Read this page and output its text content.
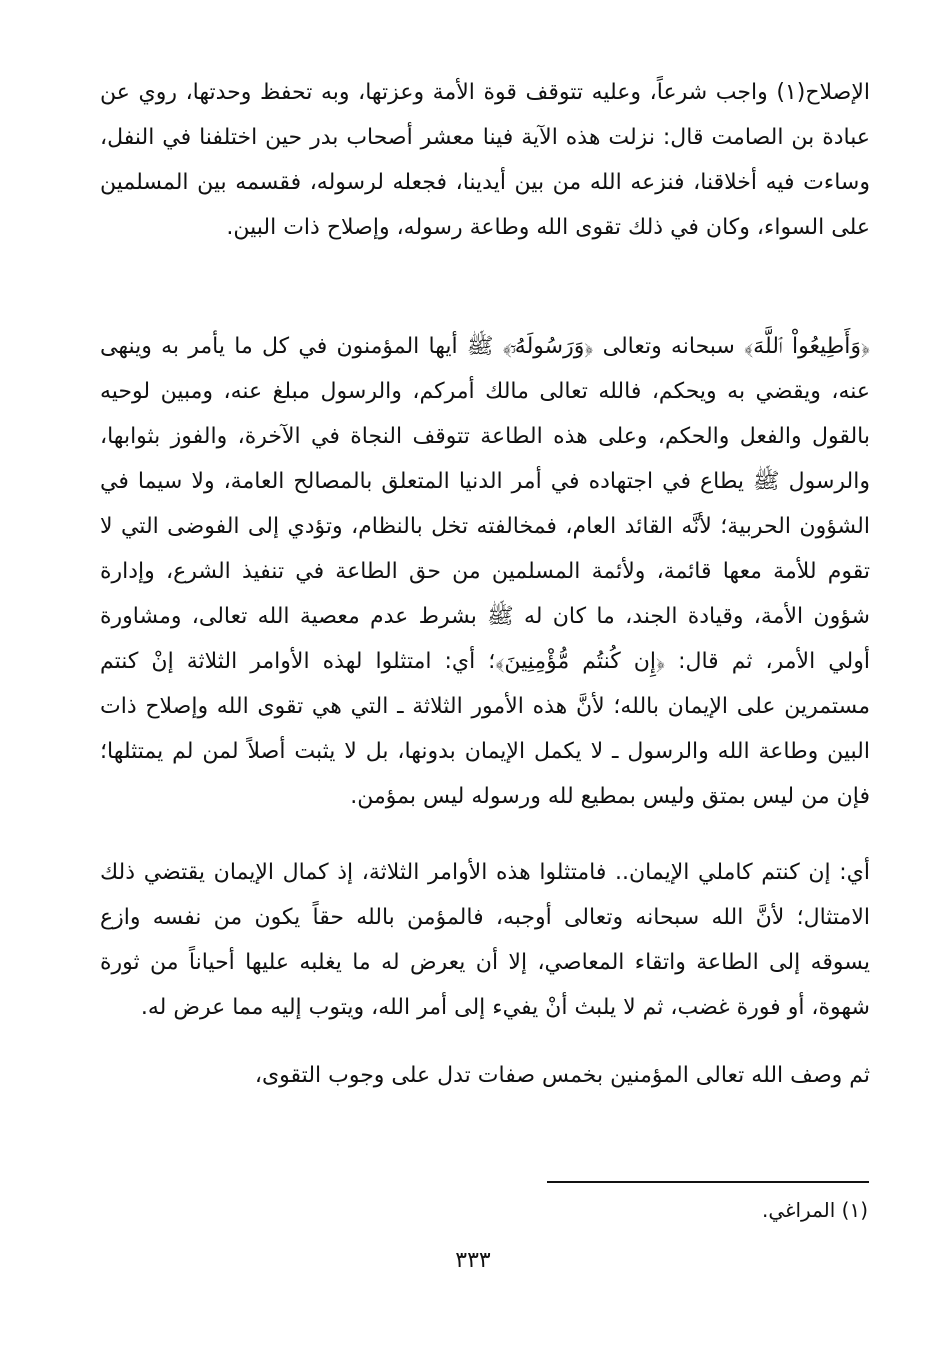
الإصلاح(١) واجب شرعاً، وعليه تتوقف قوة الأمة وعزتها، وبه تحفظ وحدتها، روي عن عبادة بن الصامت قال: نزلت هذه الآية فينا معشر أصحاب بدر حين اختلفنا في النفل، وساءت فيه أخلاقنا، فنزعه الله من بين أيدينا، فجعله لرسوله، فقسمه بين المسلمين على السواء، وكان في ذلك تقوى الله وطاعة رسوله، وإصلاح ذات البين.

﴿وَأَطِيعُواْ ٱللَّهَ﴾ سبحانه وتعالى ﴿وَرَسُولَهُۥٓ﴾ ﷺ أيها المؤمنون في كل ما يأمر به وينهى عنه، ويقضي به ويحكم، فالله تعالى مالك أمركم، والرسول مبلغ عنه، ومبين لوحيه بالقول والفعل والحكم، وعلى هذه الطاعة تتوقف النجاة في الآخرة، والفوز بثوابها، والرسول ﷺ يطاع في اجتهاده في أمر الدنيا المتعلق بالمصالح العامة، ولا سيما في الشؤون الحربية؛ لأنَّه القائد العام، فمخالفته تخل بالنظام، وتؤدي إلى الفوضى التي لا تقوم للأمة معها قائمة، ولأئمة المسلمين من حق الطاعة في تنفيذ الشرع، وإدارة شؤون الأمة، وقيادة الجند، ما كان له ﷺ بشرط عدم معصية الله تعالى، ومشاورة أولي الأمر، ثم قال: ﴿إِن كُنتُم مُّؤْمِنِينَ﴾؛ أي: امتثلوا لهذه الأوامر الثلاثة إنْ كنتم مستمرين على الإيمان بالله؛ لأنَّ هذه الأمور الثلاثة ـ التي هي تقوى الله وإصلاح ذات البين وطاعة الله والرسول ـ لا يكمل الإيمان بدونها، بل لا يثبت أصلاً لمن لم يمتثلها؛ فإن من ليس بمتق وليس بمطيع لله ورسوله ليس بمؤمن.

أي: إن كنتم كاملي الإيمان.. فامتثلوا هذه الأوامر الثلاثة، إذ كمال الإيمان يقتضي ذلك الامتثال؛ لأنَّ الله سبحانه وتعالى أوجبه، فالمؤمن بالله حقاً يكون من نفسه وازع يسوقه إلى الطاعة واتقاء المعاصي، إلا أن يعرض له ما يغلبه عليها أحياناً من ثورة شهوة، أو فورة غضب، ثم لا يلبث أنْ يفيء إلى أمر الله، ويتوب إليه مما عرض له.

ثم وصف الله تعالى المؤمنين بخمس صفات تدل على وجوب التقوى،

(١) المراغي.
٣٣٣
